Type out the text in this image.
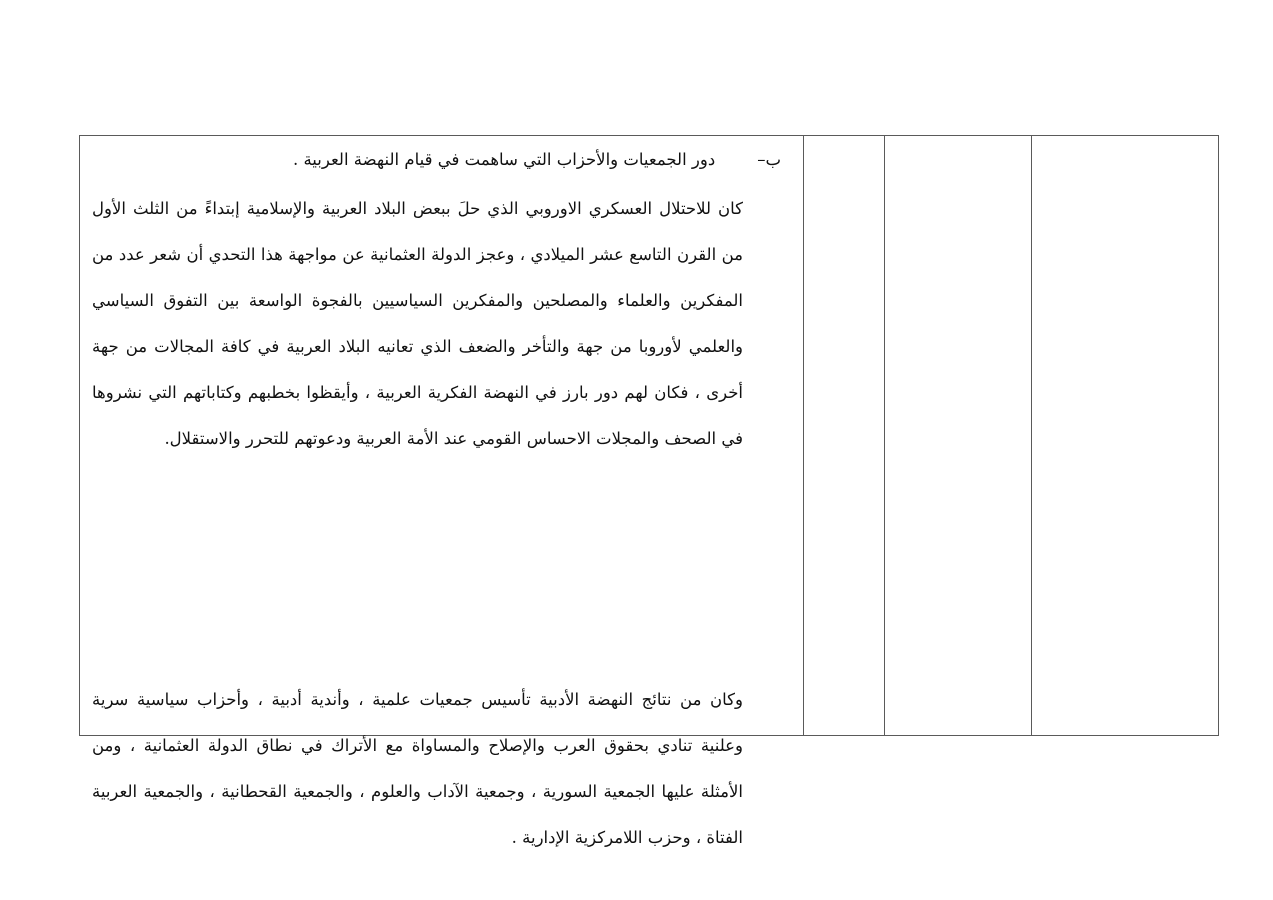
ب–دور الجمعيات والأحزاب التي ساهمت في قيام النهضة العربية .

كان للاحتلال العسكري الاوروبي الذي حلَ ببعض البلاد العربية والإسلامية إبتداءً من الثلث الأول من القرن التاسع عشر الميلادي ، وعجز الدولة العثمانية عن مواجهة هذا التحدي أن شعر عدد من المفكرين والعلماء والمصلحين والمفكرين السياسيين بالفجوة الواسعة بين التفوق السياسي والعلمي لأوروبا من جهة والتأخر والضعف الذي تعانيه البلاد العربية في كافة المجالات من جهة أخرى ، فكان لهم دور بارز في النهضة الفكرية العربية ، وأيقظوا بخطبهم وكتاباتهم التي نشروها في الصحف والمجلات الاحساس القومي عند الأمة العربية ودعوتهم للتحرر والاستقلال.

وكان من نتائج النهضة الأدبية تأسيس جمعيات علمية ، وأندية أدبية ، وأحزاب سياسية سرية وعلنية تنادي بحقوق العرب والإصلاح والمساواة مع الأتراك في نطاق الدولة العثمانية ، ومن الأمثلة عليها الجمعية السورية ، وجمعية الآداب والعلوم ، والجمعية القحطانية ، والجمعية العربية الفتاة ، وحزب اللامركزية الإدارية .
